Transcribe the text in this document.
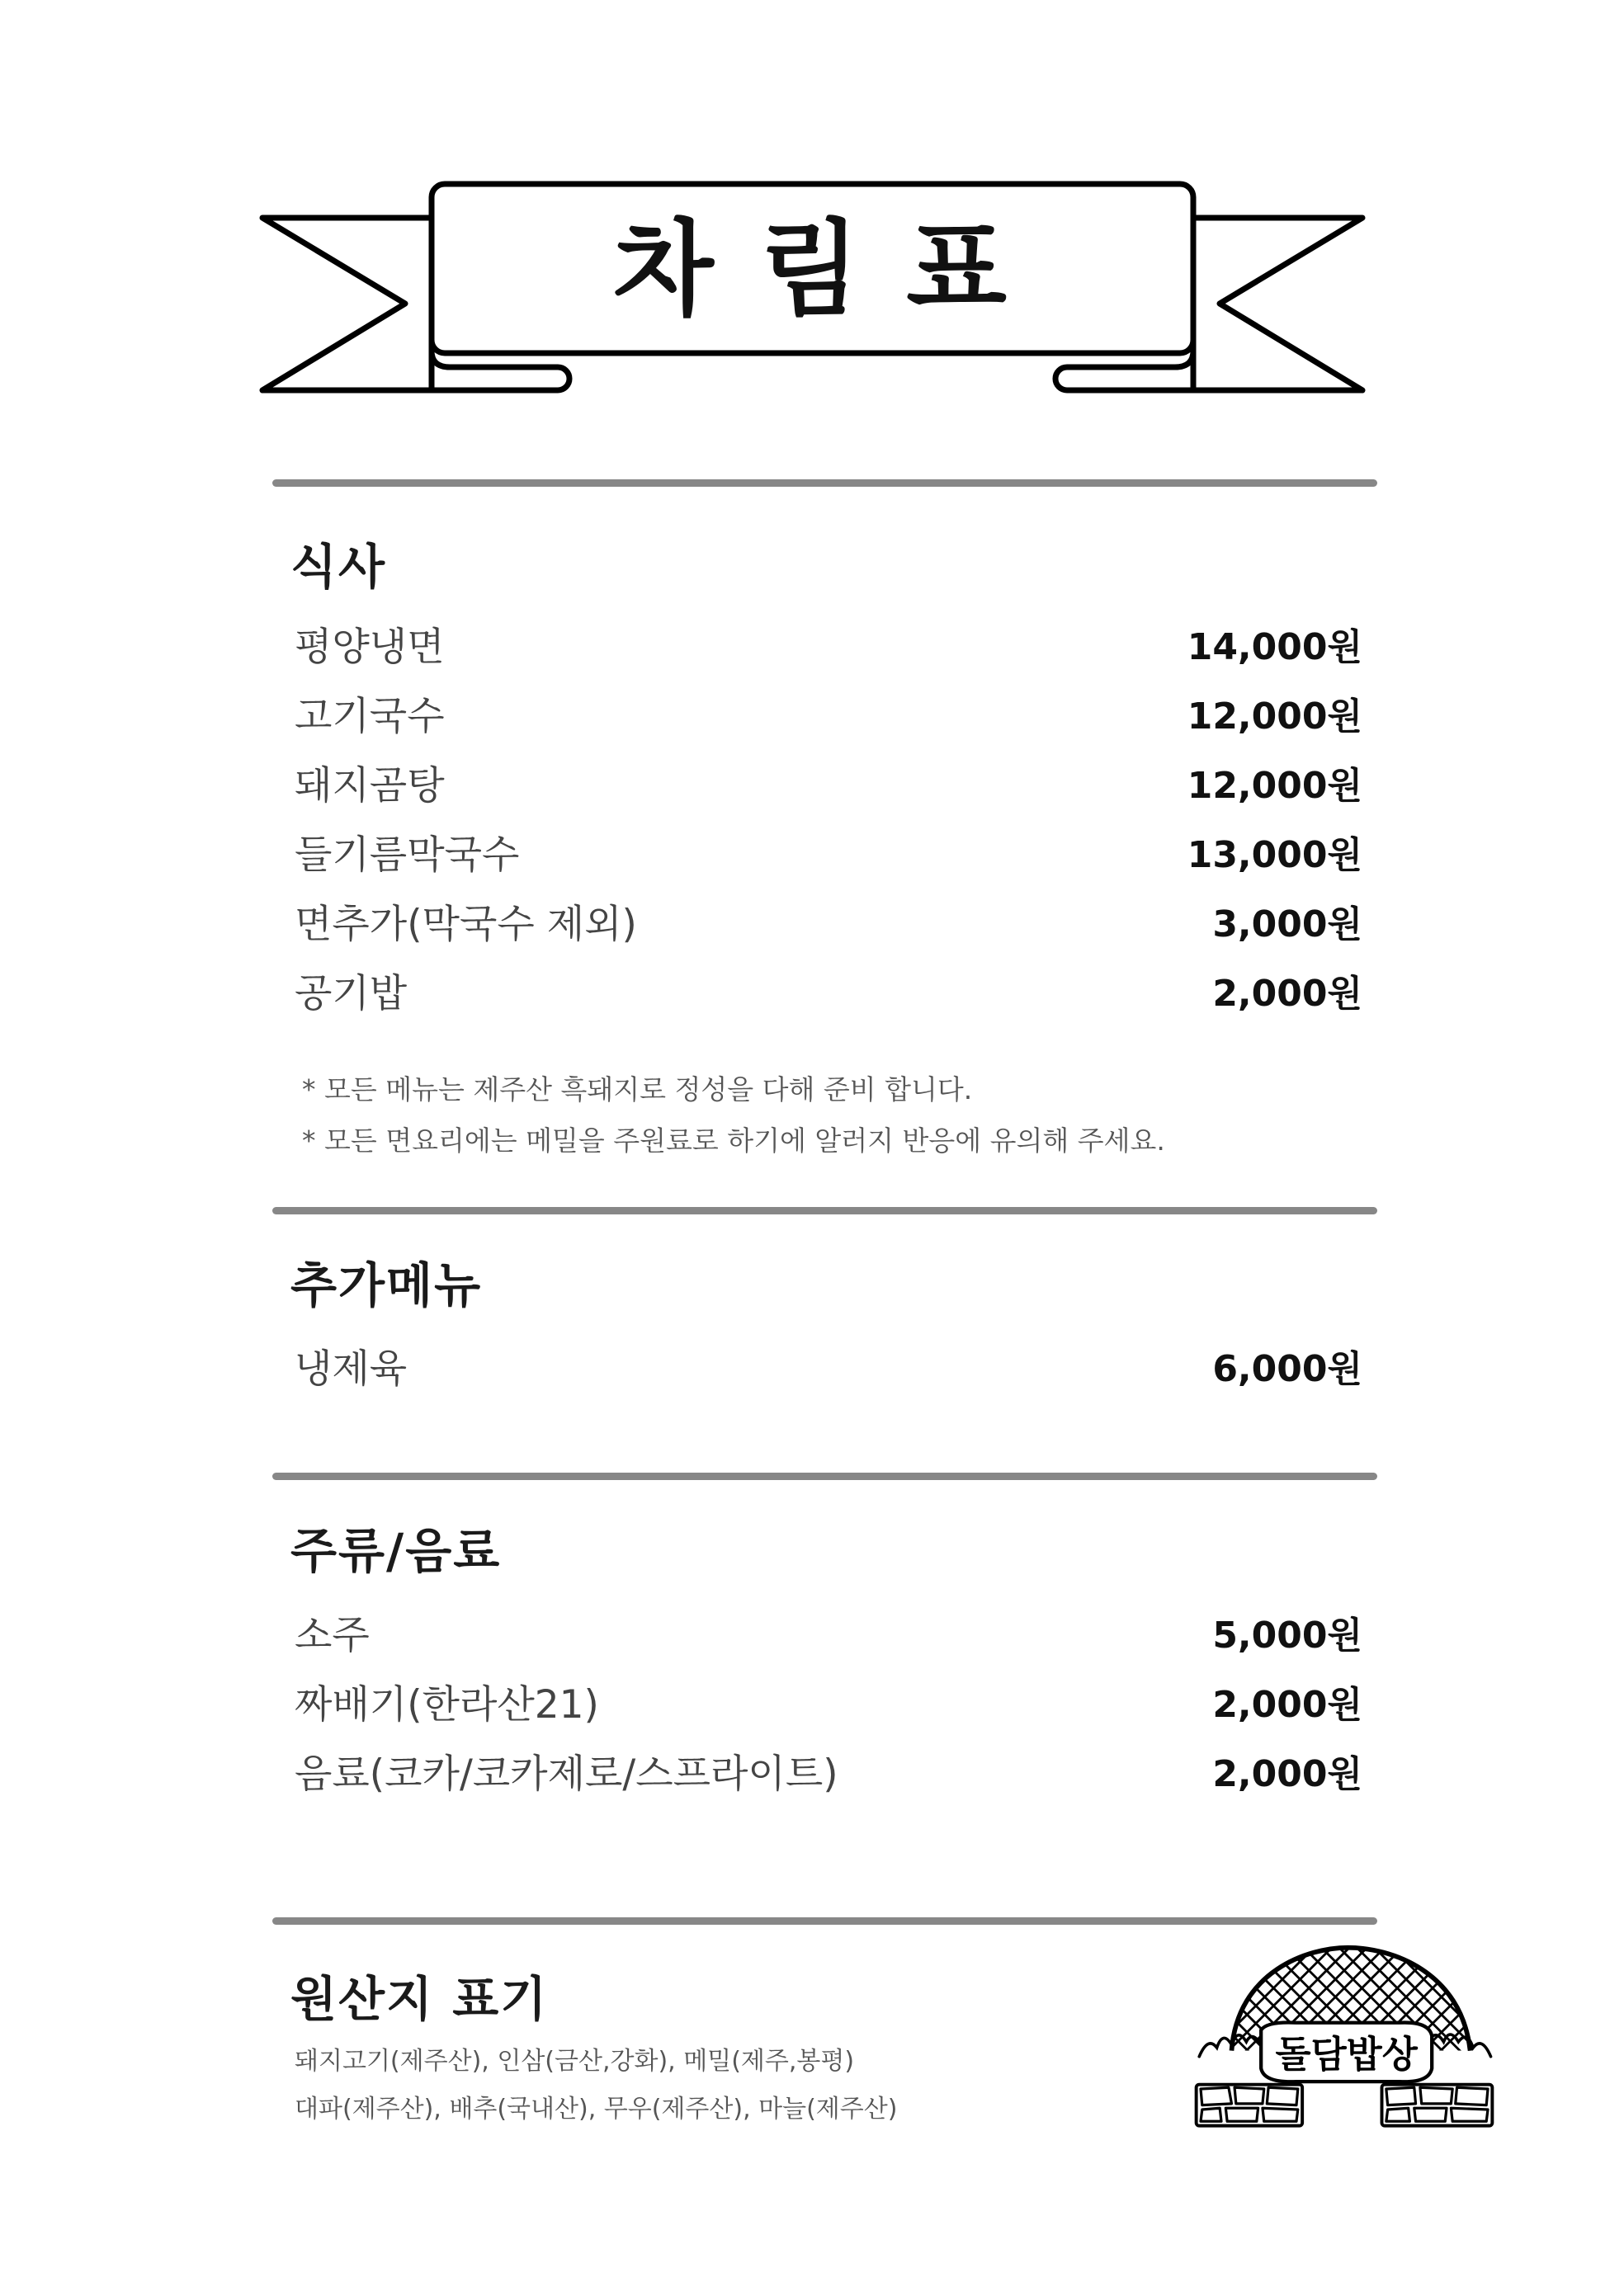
차 림 표
식사
평양냉면	14,000원
고기국수	12,000원
돼지곰탕	12,000원
들기름막국수	13,000원
면추가(막국수 제외)	3,000원
공기밥	2,000원
* 모든 메뉴는 제주산 흑돼지로 정성을 다해 준비 합니다.
* 모든 면요리에는 메밀을 주원료로 하기에 알러지 반응에 유의해 주세요.
추가메뉴
냉제육	6,000원
주류/음료
소주	5,000원
짜배기(한라산21)	2,000원
음료(코카/코카제로/스프라이트)	2,000원
원산지 표기
돼지고기(제주산), 인삼(금산,강화), 메밀(제주,봉평)
대파(제주산), 배추(국내산), 무우(제주산), 마늘(제주산)
돌담밥상
